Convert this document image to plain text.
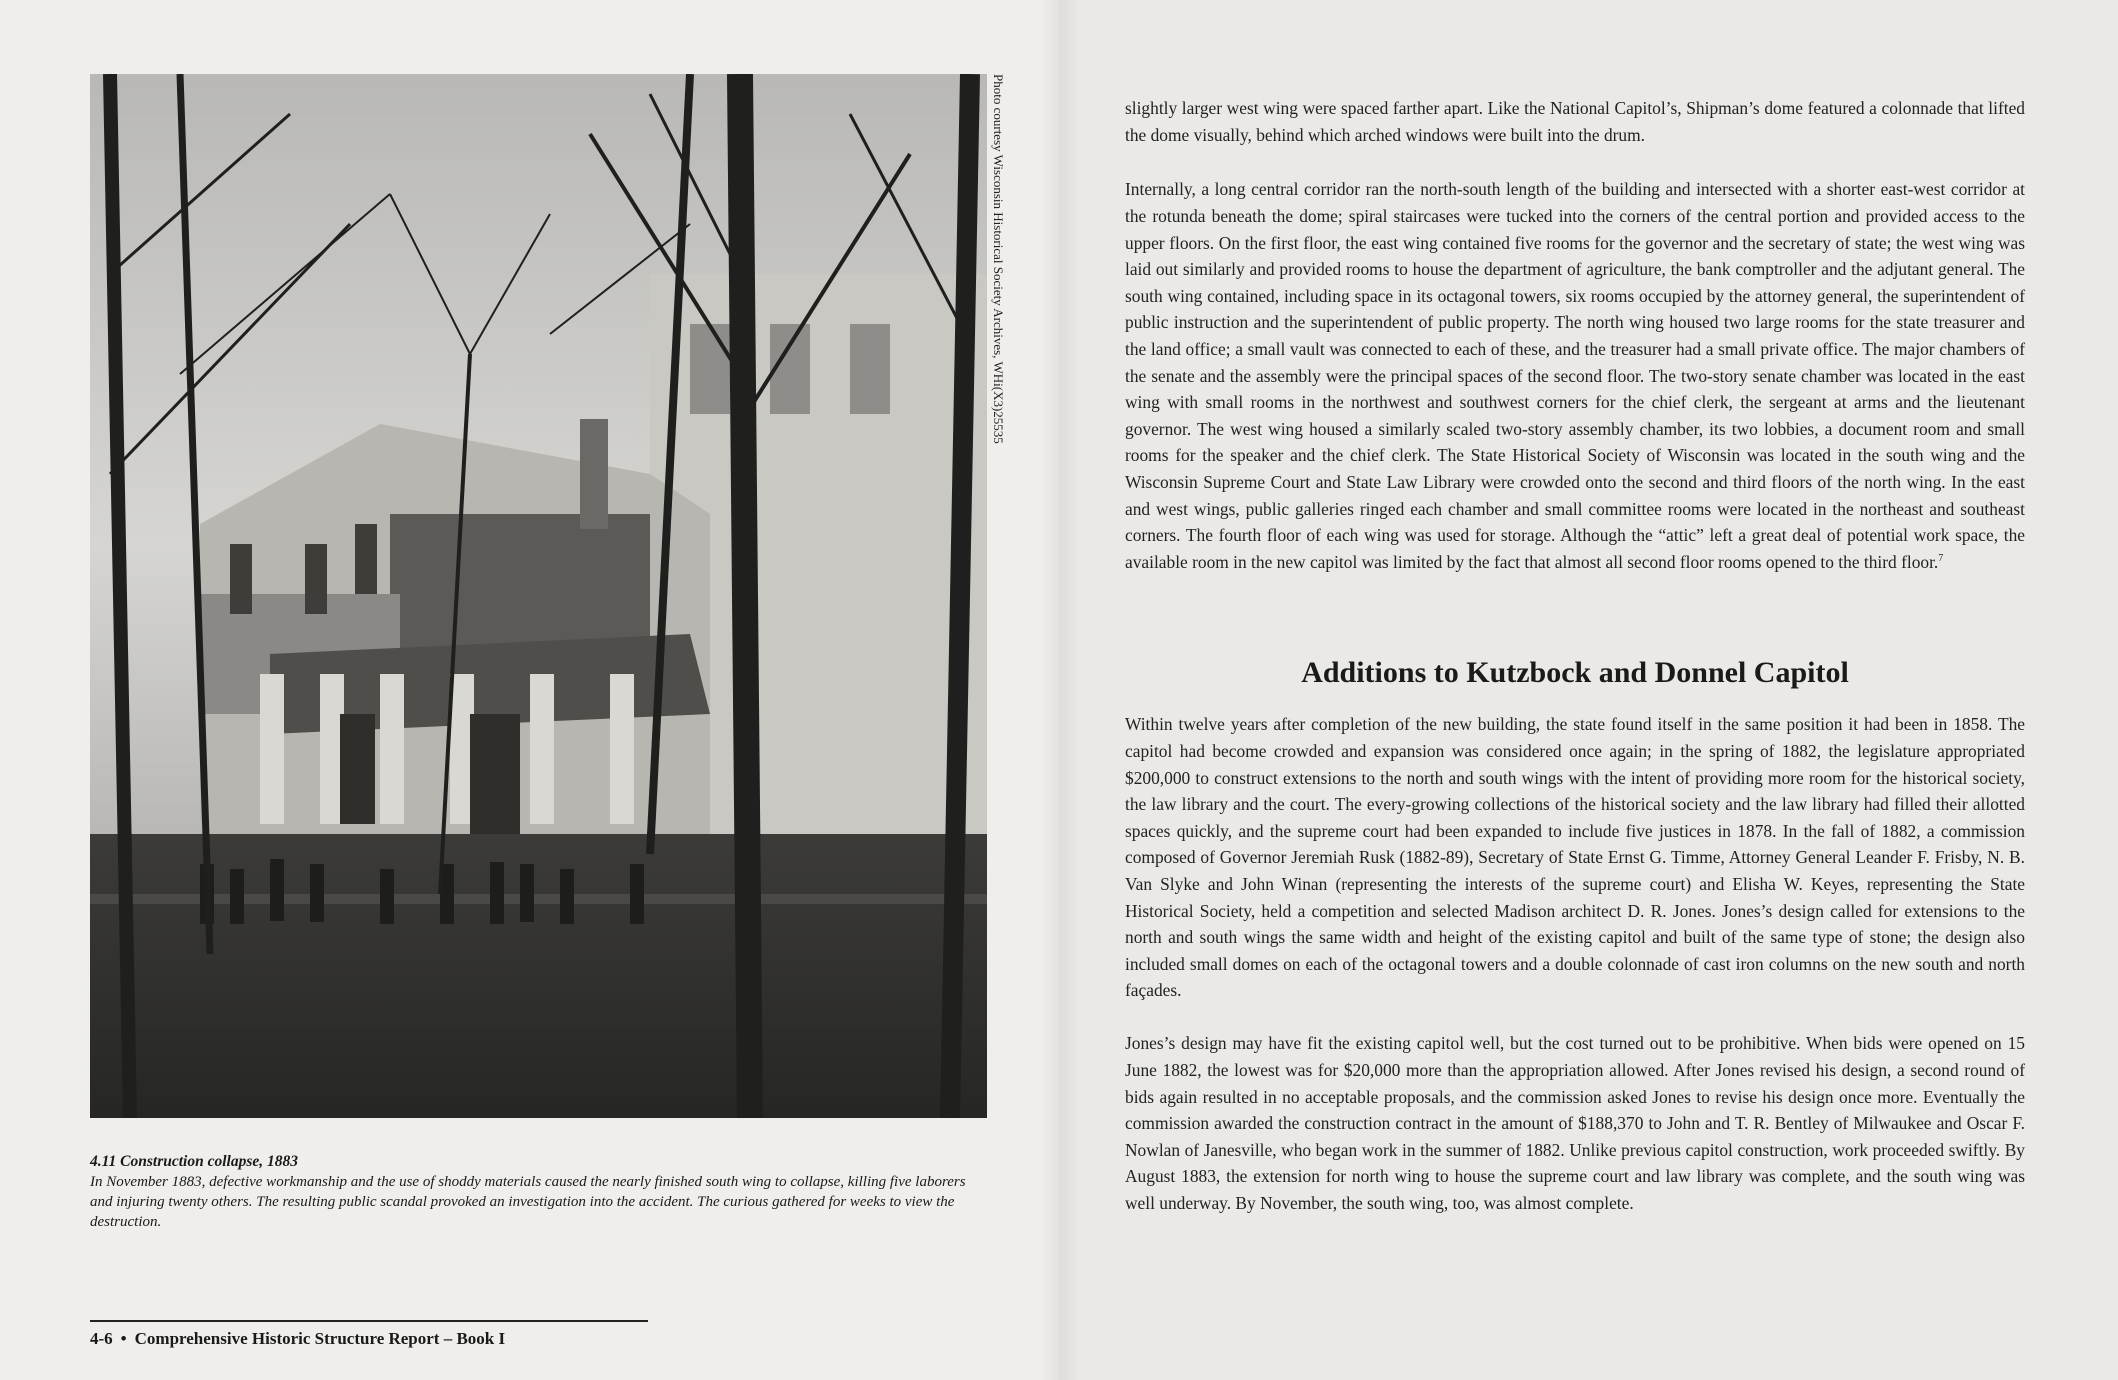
Photo courtesy Wisconsin Historical Society Archives, WHi(X3)25535
4.11 Construction collapse, 1883

In November 1883, defective workmanship and the use of shoddy materials caused the nearly finished south wing to collapse, killing five laborers and injuring twenty others. The resulting public scandal provoked an investigation into the accident. The curious gathered for weeks to view the destruction.

4-6 • Comprehensive Historic Structure Report – Book I

slightly larger west wing were spaced farther apart. Like the National Capitol’s, Shipman’s dome featured a colonnade that lifted the dome visually, behind which arched windows were built into the drum.

Internally, a long central corridor ran the north-south length of the building and intersected with a shorter east-west corridor at the rotunda beneath the dome; spiral staircases were tucked into the corners of the central portion and provided access to the upper floors. On the first floor, the east wing contained five rooms for the governor and the secretary of state; the west wing was laid out similarly and provided rooms to house the department of agriculture, the bank comptroller and the adjutant general. The south wing contained, including space in its octagonal towers, six rooms occupied by the attorney general, the superintendent of public instruction and the superintendent of public property. The north wing housed two large rooms for the state treasurer and the land office; a small vault was connected to each of these, and the treasurer had a small private office. The major chambers of the senate and the assembly were the principal spaces of the second floor. The two-story senate chamber was located in the east wing with small rooms in the northwest and southwest corners for the chief clerk, the sergeant at arms and the lieutenant governor. The west wing housed a similarly scaled two-story assembly chamber, its two lobbies, a document room and small rooms for the speaker and the chief clerk. The State Historical Society of Wisconsin was located in the south wing and the Wisconsin Supreme Court and State Law Library were crowded onto the second and third floors of the north wing. In the east and west wings, public galleries ringed each chamber and small committee rooms were located in the northeast and southeast corners. The fourth floor of each wing was used for storage. Although the “attic” left a great deal of potential work space, the available room in the new capitol was limited by the fact that almost all second floor rooms opened to the third floor.$^7$

Additions to Kutzbock and Donnel Capitol

Within twelve years after completion of the new building, the state found itself in the same position it had been in 1858. The capitol had become crowded and expansion was considered once again; in the spring of 1882, the legislature appropriated $200,000 to construct extensions to the north and south wings with the intent of providing more room for the historical society, the law library and the court. The every-growing collections of the historical society and the law library had filled their allotted spaces quickly, and the supreme court had been expanded to include five justices in 1878. In the fall of 1882, a commission composed of Governor Jeremiah Rusk (1882-89), Secretary of State Ernst G. Timme, Attorney General Leander F. Frisby, N. B. Van Slyke and John Winan (representing the interests of the supreme court) and Elisha W. Keyes, representing the State Historical Society, held a competition and selected Madison architect D. R. Jones. Jones’s design called for extensions to the north and south wings the same width and height of the existing capitol and built of the same type of stone; the design also included small domes on each of the octagonal towers and a double colonnade of cast iron columns on the new south and north façades.

Jones’s design may have fit the existing capitol well, but the cost turned out to be prohibitive. When bids were opened on 15 June 1882, the lowest was for $20,000 more than the appropriation allowed. After Jones revised his design, a second round of bids again resulted in no acceptable proposals, and the commission asked Jones to revise his design once more. Eventually the commission awarded the construction contract in the amount of $188,370 to John and T. R. Bentley of Milwaukee and Oscar F. Nowlan of Janesville, who began work in the summer of 1882. Unlike previous capitol construction, work proceeded swiftly. By August 1883, the extension for north wing to house the supreme court and law library was complete, and the south wing was well underway. By November, the south wing, too, was almost complete.
